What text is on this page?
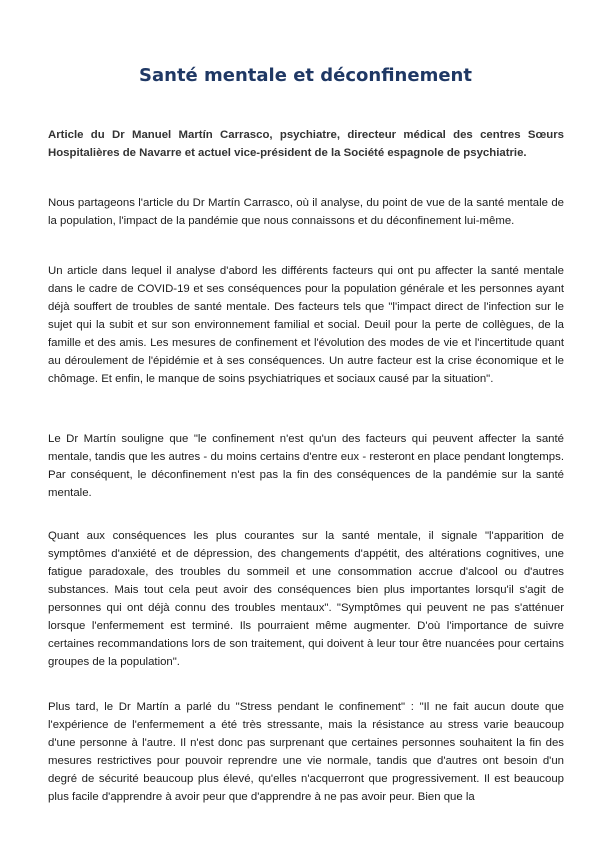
Santé mentale et déconfinement

Article du Dr Manuel Martín Carrasco, psychiatre, directeur médical des centres Sœurs Hospitalières de Navarre et actuel vice-président de la Société espagnole de psychiatrie.

Nous partageons l'article du Dr Martín Carrasco, où il analyse, du point de vue de la santé mentale de la population, l'impact de la pandémie que nous connaissons et du déconfinement lui-même.

Un article dans lequel il analyse d'abord les différents facteurs qui ont pu affecter la santé mentale dans le cadre de COVID-19 et ses conséquences pour la population générale et les personnes ayant déjà souffert de troubles de santé mentale. Des facteurs tels que "l'impact direct de l'infection sur le sujet qui la subit et sur son environnement familial et social. Deuil pour la perte de collègues, de la famille et des amis. Les mesures de confinement et l'évolution des modes de vie et l'incertitude quant au déroulement de l'épidémie et à ses conséquences. Un autre facteur est la crise économique et le chômage. Et enfin, le manque de soins psychiatriques et sociaux causé par la situation".

Le Dr Martín souligne que "le confinement n'est qu'un des facteurs qui peuvent affecter la santé mentale, tandis que les autres - du moins certains d'entre eux - resteront en place pendant longtemps. Par conséquent, le déconfinement n'est pas la fin des conséquences de la pandémie sur la santé mentale.

Quant aux conséquences les plus courantes sur la santé mentale, il signale "l'apparition de symptômes d'anxiété et de dépression, des changements d'appétit, des altérations cognitives, une fatigue paradoxale, des troubles du sommeil et une consommation accrue d'alcool ou d'autres substances. Mais tout cela peut avoir des conséquences bien plus importantes lorsqu'il s'agit de personnes qui ont déjà connu des troubles mentaux". "Symptômes qui peuvent ne pas s'atténuer lorsque l'enfermement est terminé. Ils pourraient même augmenter. D'où l'importance de suivre certaines recommandations lors de son traitement, qui doivent à leur tour être nuancées pour certains groupes de la population".

Plus tard, le Dr Martín a parlé du "Stress pendant le confinement" : "Il ne fait aucun doute que l'expérience de l'enfermement a été très stressante, mais la résistance au stress varie beaucoup d'une personne à l'autre. Il n'est donc pas surprenant que certaines personnes souhaitent la fin des mesures restrictives pour pouvoir reprendre une vie normale, tandis que d'autres ont besoin d'un degré de sécurité beaucoup plus élevé, qu'elles n'acquerront que progressivement. Il est beaucoup plus facile d'apprendre à avoir peur que d'apprendre à ne pas avoir peur. Bien que la
